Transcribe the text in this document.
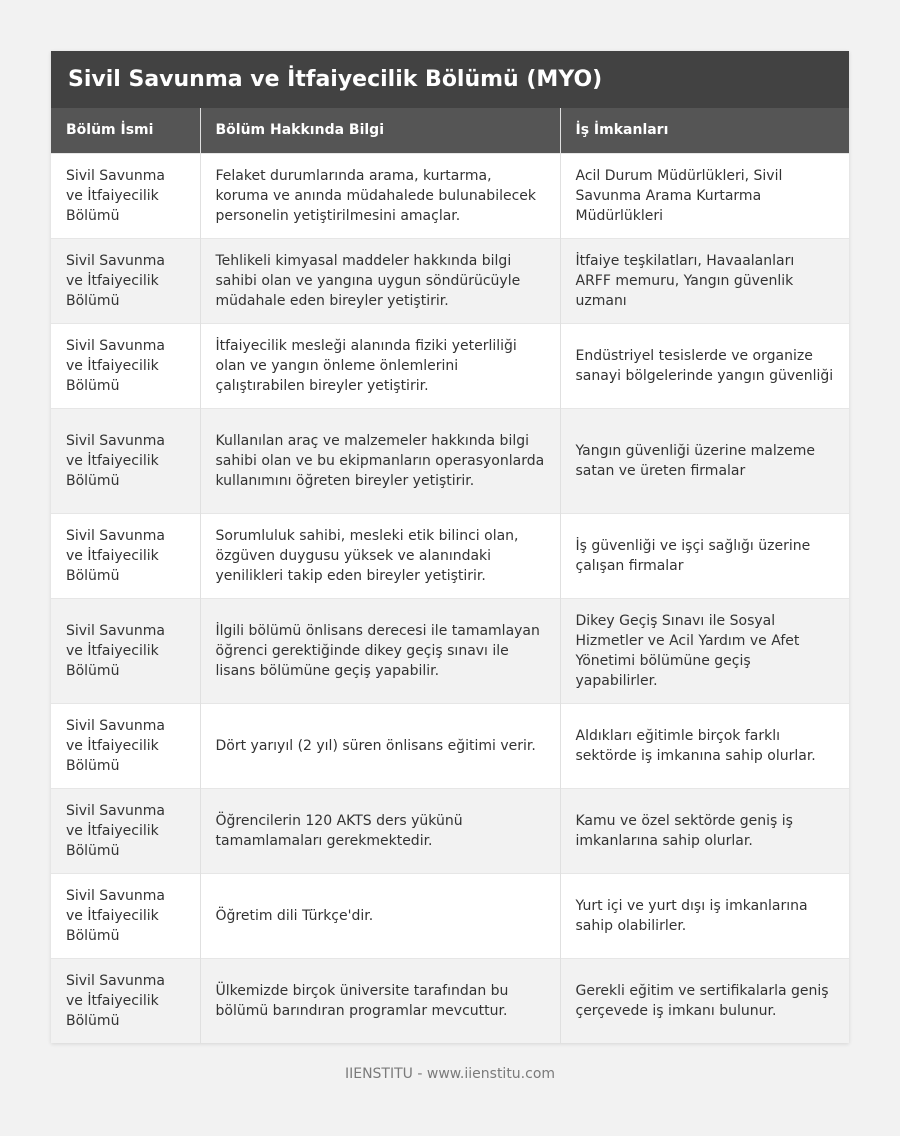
Sivil Savunma ve İtfaiyecilik Bölümü (MYO)
Bölüm İsmi	Bölüm Hakkında Bilgi	İş İmkanları
Sivil Savunma ve İtfaiyecilik Bölümü	Felaket durumlarında arama, kurtarma, koruma ve anında müdahalede bulunabilecek personelin yetiştirilmesini amaçlar.	Acil Durum Müdürlükleri, Sivil Savunma Arama Kurtarma Müdürlükleri
Sivil Savunma ve İtfaiyecilik Bölümü	Tehlikeli kimyasal maddeler hakkında bilgi sahibi olan ve yangına uygun söndürücüyle müdahale eden bireyler yetiştirir.	İtfaiye teşkilatları, Havaalanları ARFF memuru, Yangın güvenlik uzmanı
Sivil Savunma ve İtfaiyecilik Bölümü	İtfaiyecilik mesleği alanında fiziki yeterliliği olan ve yangın önleme önlemlerini çalıştırabilen bireyler yetiştirir.	Endüstriyel tesislerde ve organize sanayi bölgelerinde yangın güvenliği
Sivil Savunma ve İtfaiyecilik Bölümü	Kullanılan araç ve malzemeler hakkında bilgi sahibi olan ve bu ekipmanların operasyonlarda kullanımını öğreten bireyler yetiştirir.	Yangın güvenliği üzerine malzeme satan ve üreten firmalar
Sivil Savunma ve İtfaiyecilik Bölümü	Sorumluluk sahibi, mesleki etik bilinci olan, özgüven duygusu yüksek ve alanındaki yenilikleri takip eden bireyler yetiştirir.	İş güvenliği ve işçi sağlığı üzerine çalışan firmalar
Sivil Savunma ve İtfaiyecilik Bölümü	İlgili bölümü önlisans derecesi ile tamamlayan öğrenci gerektiğinde dikey geçiş sınavı ile lisans bölümüne geçiş yapabilir.	Dikey Geçiş Sınavı ile Sosyal Hizmetler ve Acil Yardım ve Afet Yönetimi bölümüne geçiş yapabilirler.
Sivil Savunma ve İtfaiyecilik Bölümü	Dört yarıyıl (2 yıl) süren önlisans eğitimi verir.	Aldıkları eğitimle birçok farklı sektörde iş imkanına sahip olurlar.
Sivil Savunma ve İtfaiyecilik Bölümü	Öğrencilerin 120 AKTS ders yükünü tamamlamaları gerekmektedir.	Kamu ve özel sektörde geniş iş imkanlarına sahip olurlar.
Sivil Savunma ve İtfaiyecilik Bölümü	Öğretim dili Türkçe'dir.	Yurt içi ve yurt dışı iş imkanlarına sahip olabilirler.
Sivil Savunma ve İtfaiyecilik Bölümü	Ülkemizde birçok üniversite tarafından bu bölümü barındıran programlar mevcuttur.	Gerekli eğitim ve sertifikalarla geniş çerçevede iş imkanı bulunur.
IIENSTITU - www.iienstitu.com
